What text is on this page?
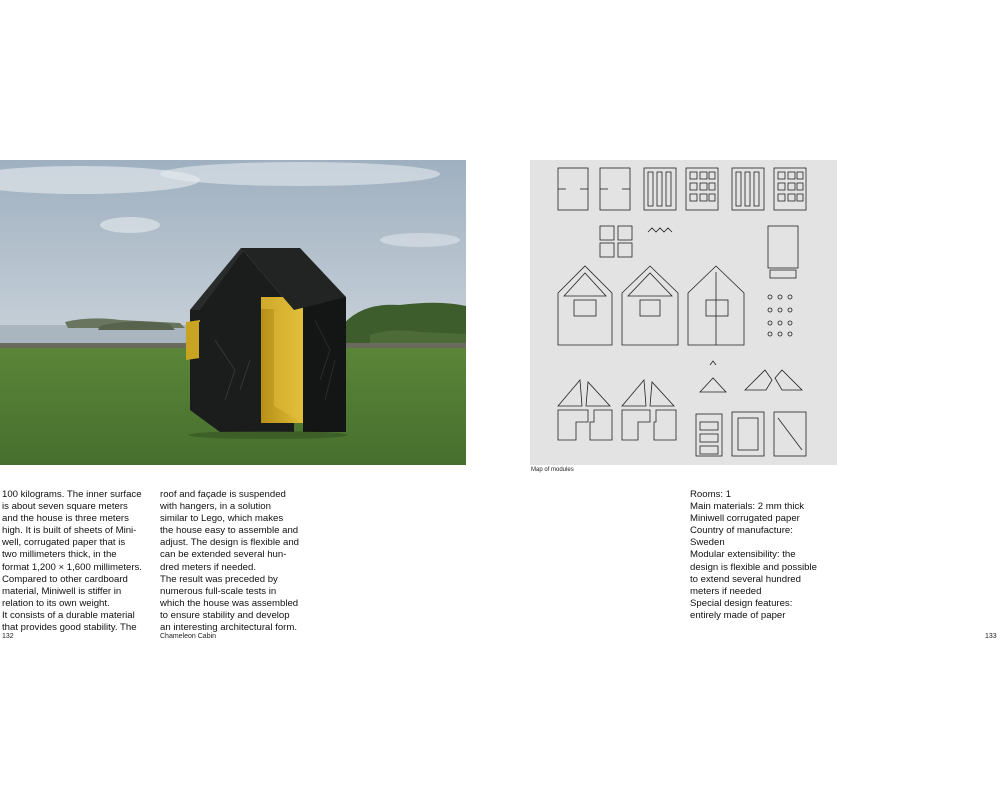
100 kilograms. The inner surface

is about seven square meters

and the house is three meters

high. It is built of sheets of Mini-

well, corrugated paper that is

two millimeters thick, in the

format 1,200 × 1,600 millimeters.

Compared to other cardboard

material, Miniwell is stiffer in

relation to its own weight.

It consists of a durable material

that provides good stability. The

roof and façade is suspended

with hangers, in a solution

similar to Lego, which makes

the house easy to assemble and

adjust. The design is flexible and

can be extended several hun-

dred meters if needed.

The result was preceded by

numerous full-scale tests in

which the house was assembled

to ensure stability and develop

an interesting architectural form.

132	Chameleon Cabin
Map of modules

Rooms: 1

Main materials: 2 mm thick

Miniwell corrugated paper

Country of manufacture:

Sweden

Modular extensibility: the

design is flexible and possible

to extend several hundred

meters if needed

Special design features:

entirely made of paper

133
